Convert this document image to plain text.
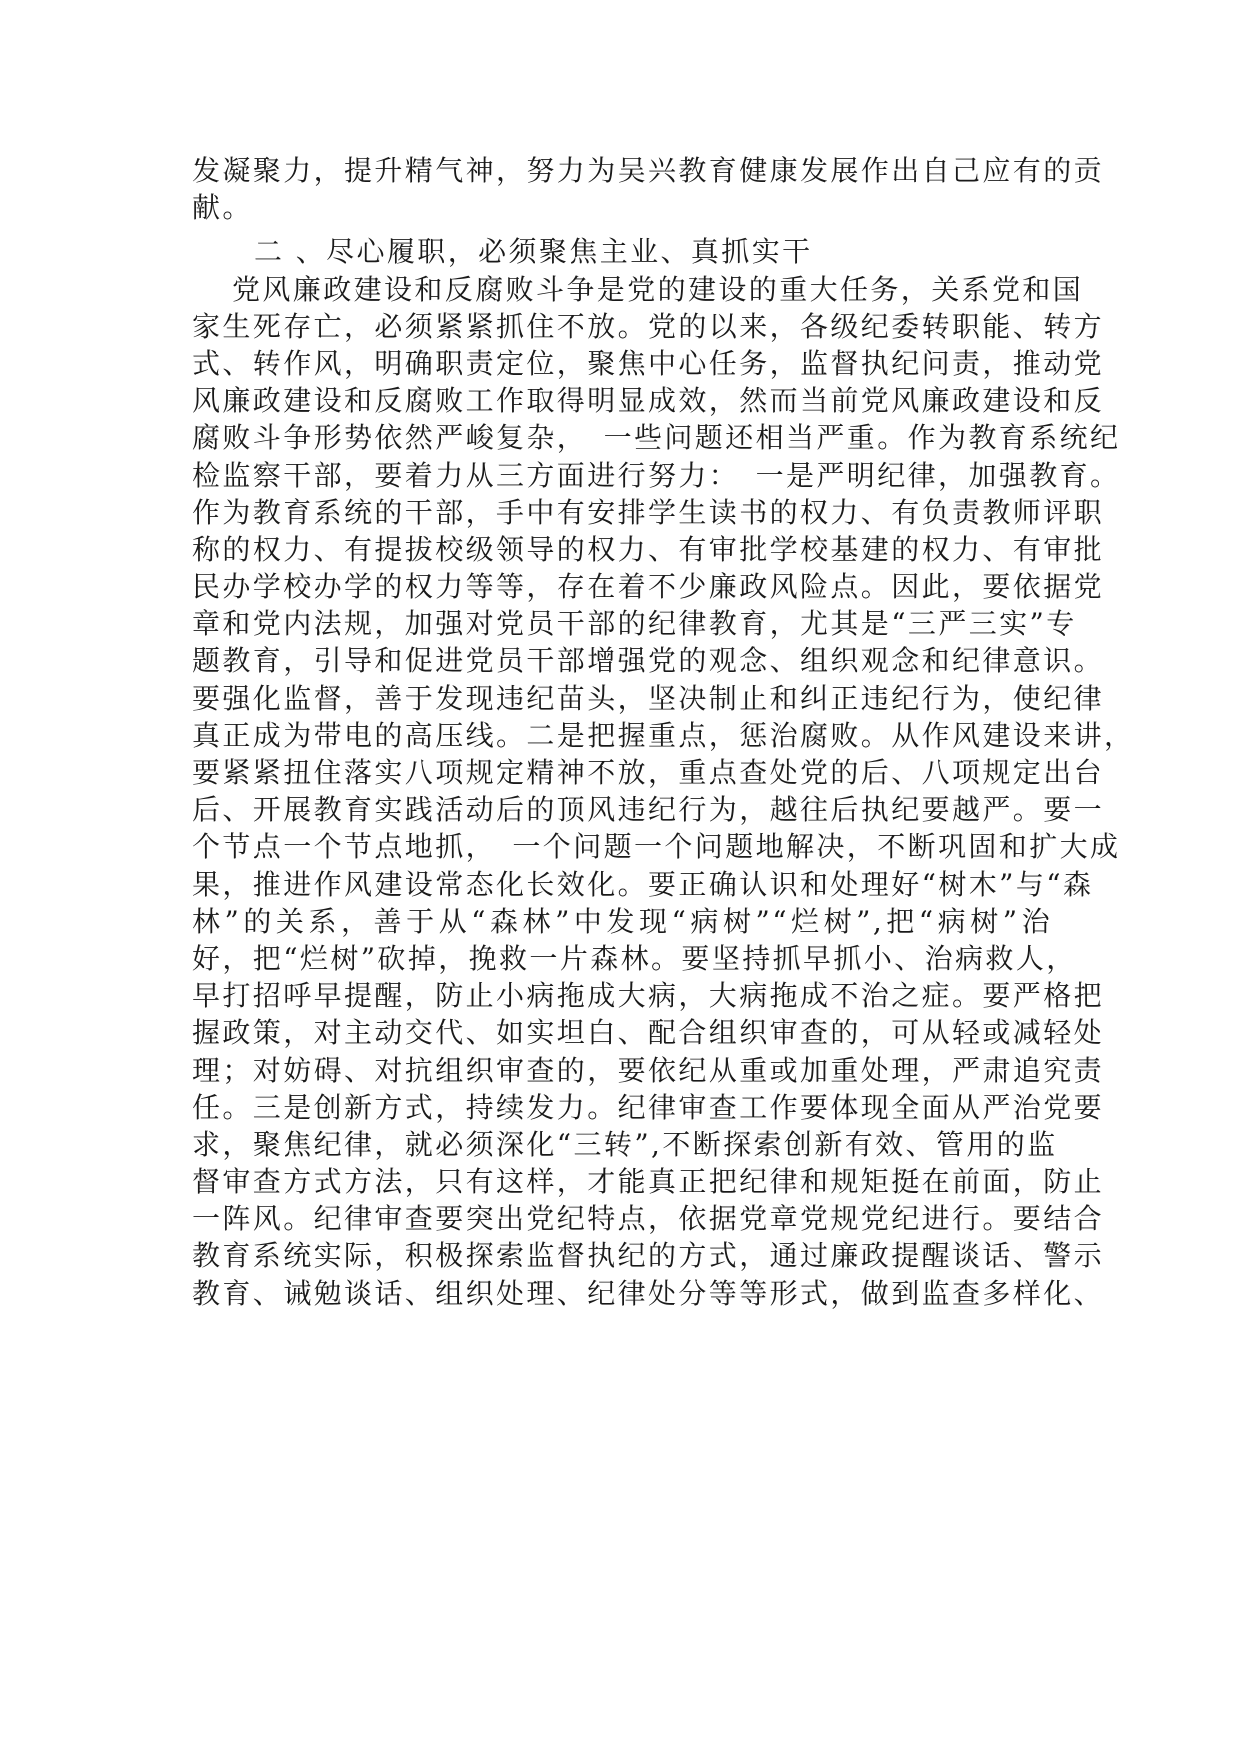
发凝聚力，提升精气神，努力为吴兴教育健康发展作出自己应有的贡
献。
二 、尽心履职，必须聚焦主业、真抓实干
党风廉政建设和反腐败斗争是党的建设的重大任务，关系党和国
家生死存亡，必须紧紧抓住不放。党的以来，各级纪委转职能、转方
式、转作风，明确职责定位，聚焦中心任务，监督执纪问责，推动党
风廉政建设和反腐败工作取得明显成效，然而当前党风廉政建设和反
腐败斗争形势依然严峻复杂，　一些问题还相当严重。作为教育系统纪
检监察干部，要着力从三方面进行努力：　一是严明纪律，加强教育。
作为教育系统的干部，手中有安排学生读书的权力、有负责教师评职
称的权力、有提拔校级领导的权力、有审批学校基建的权力、有审批
民办学校办学的权力等等，存在着不少廉政风险点。因此，要依据党
章和党内法规，加强对党员干部的纪律教育，尤其是“三严三实”专
题教育，引导和促进党员干部增强党的观念、组织观念和纪律意识。
要强化监督，善于发现违纪苗头，坚决制止和纠正违纪行为，使纪律
真正成为带电的高压线。二是把握重点，惩治腐败。从作风建设来讲，
要紧紧扭住落实八项规定精神不放，重点查处党的后、八项规定出台
后、开展教育实践活动后的顶风违纪行为，越往后执纪要越严。要一
个节点一个节点地抓，　一个问题一个问题地解决，不断巩固和扩大成
果，推进作风建设常态化长效化。要正确认识和处理好“树木”与“森
林”的关系，善于从“森林”中发现“病树”“烂树”,把“病树”治
好，把“烂树”砍掉，挽救一片森林。要坚持抓早抓小、治病救人，
早打招呼早提醒，防止小病拖成大病，大病拖成不治之症。要严格把
握政策，对主动交代、如实坦白、配合组织审查的，可从轻或减轻处
理；对妨碍、对抗组织审查的，要依纪从重或加重处理，严肃追究责
任。三是创新方式，持续发力。纪律审查工作要体现全面从严治党要
求，聚焦纪律，就必须深化“三转”,不断探索创新有效、管用的监
督审查方式方法，只有这样，才能真正把纪律和规矩挺在前面，防止
一阵风。纪律审查要突出党纪特点，依据党章党规党纪进行。要结合
教育系统实际，积极探索监督执纪的方式，通过廉政提醒谈话、警示
教育、诫勉谈话、组织处理、纪律处分等等形式，做到监查多样化、
